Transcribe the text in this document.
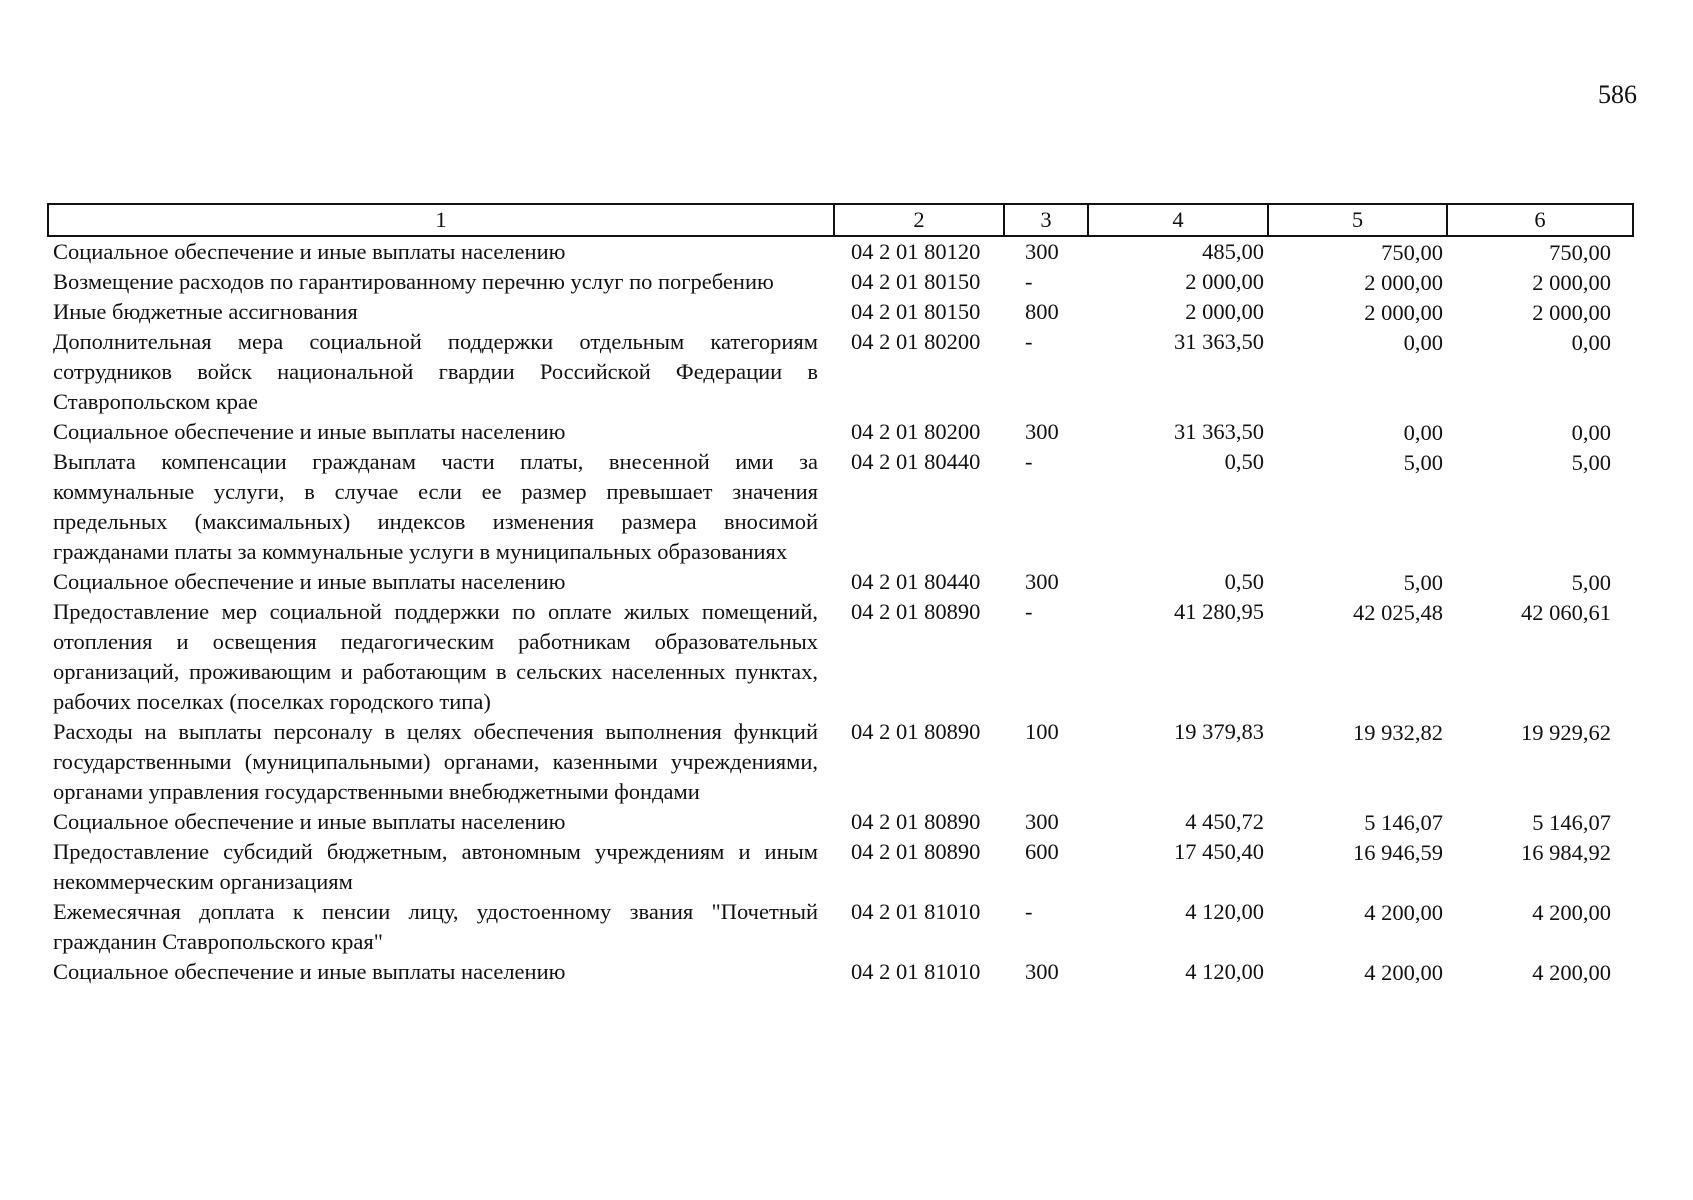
586
1	2	3	4	5	6
Социальное обеспечение и иные выплаты населению	04 2 01 80120	300	485,00	750,00	750,00
Возмещение расходов по гарантированному перечню услуг по погребению	04 2 01 80150	-	2 000,00	2 000,00	2 000,00
Иные бюджетные ассигнования	04 2 01 80150	800	2 000,00	2 000,00	2 000,00
Дополнительная мера социальной поддержки отдельным категориям сотрудников войск национальной гвардии Российской Федерации в Ставропольском крае	04 2 01 80200	-	31 363,50	0,00	0,00
Социальное обеспечение и иные выплаты населению	04 2 01 80200	300	31 363,50	0,00	0,00
Выплата компенсации гражданам части платы, внесенной ими за коммунальные услуги, в случае если ее размер превышает значения предельных (максимальных) индексов изменения размера вносимой гражданами платы за коммунальные услуги в муниципальных образованиях	04 2 01 80440	-	0,50	5,00	5,00
Социальное обеспечение и иные выплаты населению	04 2 01 80440	300	0,50	5,00	5,00
Предоставление мер социальной поддержки по оплате жилых помещений, отопления и освещения педагогическим работникам образовательных организаций, проживающим и работающим в сельских населенных пунктах, рабочих поселках (поселках городского типа)	04 2 01 80890	-	41 280,95	42 025,48	42 060,61
Расходы на выплаты персоналу в целях обеспечения выполнения функций государственными (муниципальными) органами, казенными учреждениями, органами управления государственными внебюджетными фондами	04 2 01 80890	100	19 379,83	19 932,82	19 929,62
Социальное обеспечение и иные выплаты населению	04 2 01 80890	300	4 450,72	5 146,07	5 146,07
Предоставление субсидий бюджетным, автономным учреждениям и иным некоммерческим организациям	04 2 01 80890	600	17 450,40	16 946,59	16 984,92
Ежемесячная доплата к пенсии лицу, удостоенному звания "Почетный гражданин Ставропольского края"	04 2 01 81010	-	4 120,00	4 200,00	4 200,00
Социальное обеспечение и иные выплаты населению	04 2 01 81010	300	4 120,00	4 200,00	4 200,00
